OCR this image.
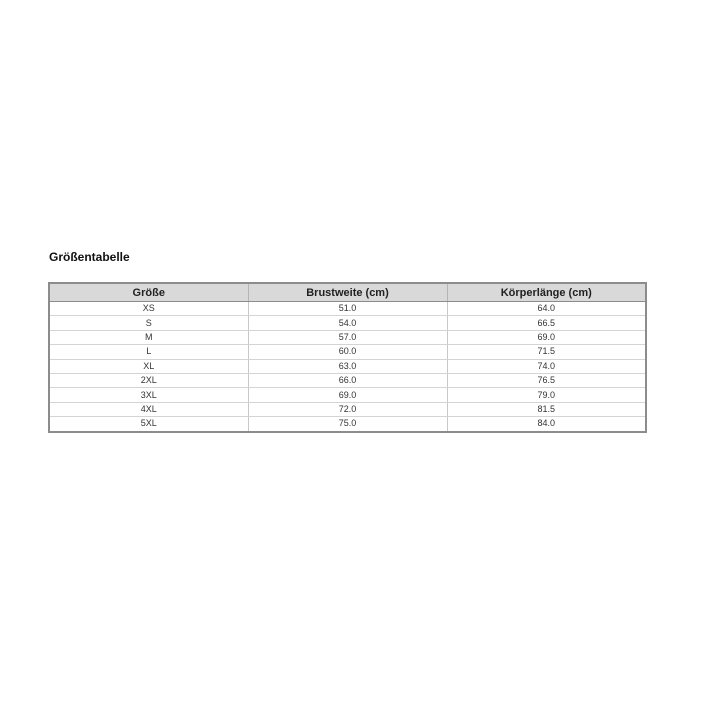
Größentabelle
Größe	Brustweite (cm)	Körperlänge (cm)
XS	51.0	64.0
S	54.0	66.5
M	57.0	69.0
L	60.0	71.5
XL	63.0	74.0
2XL	66.0	76.5
3XL	69.0	79.0
4XL	72.0	81.5
5XL	75.0	84.0
